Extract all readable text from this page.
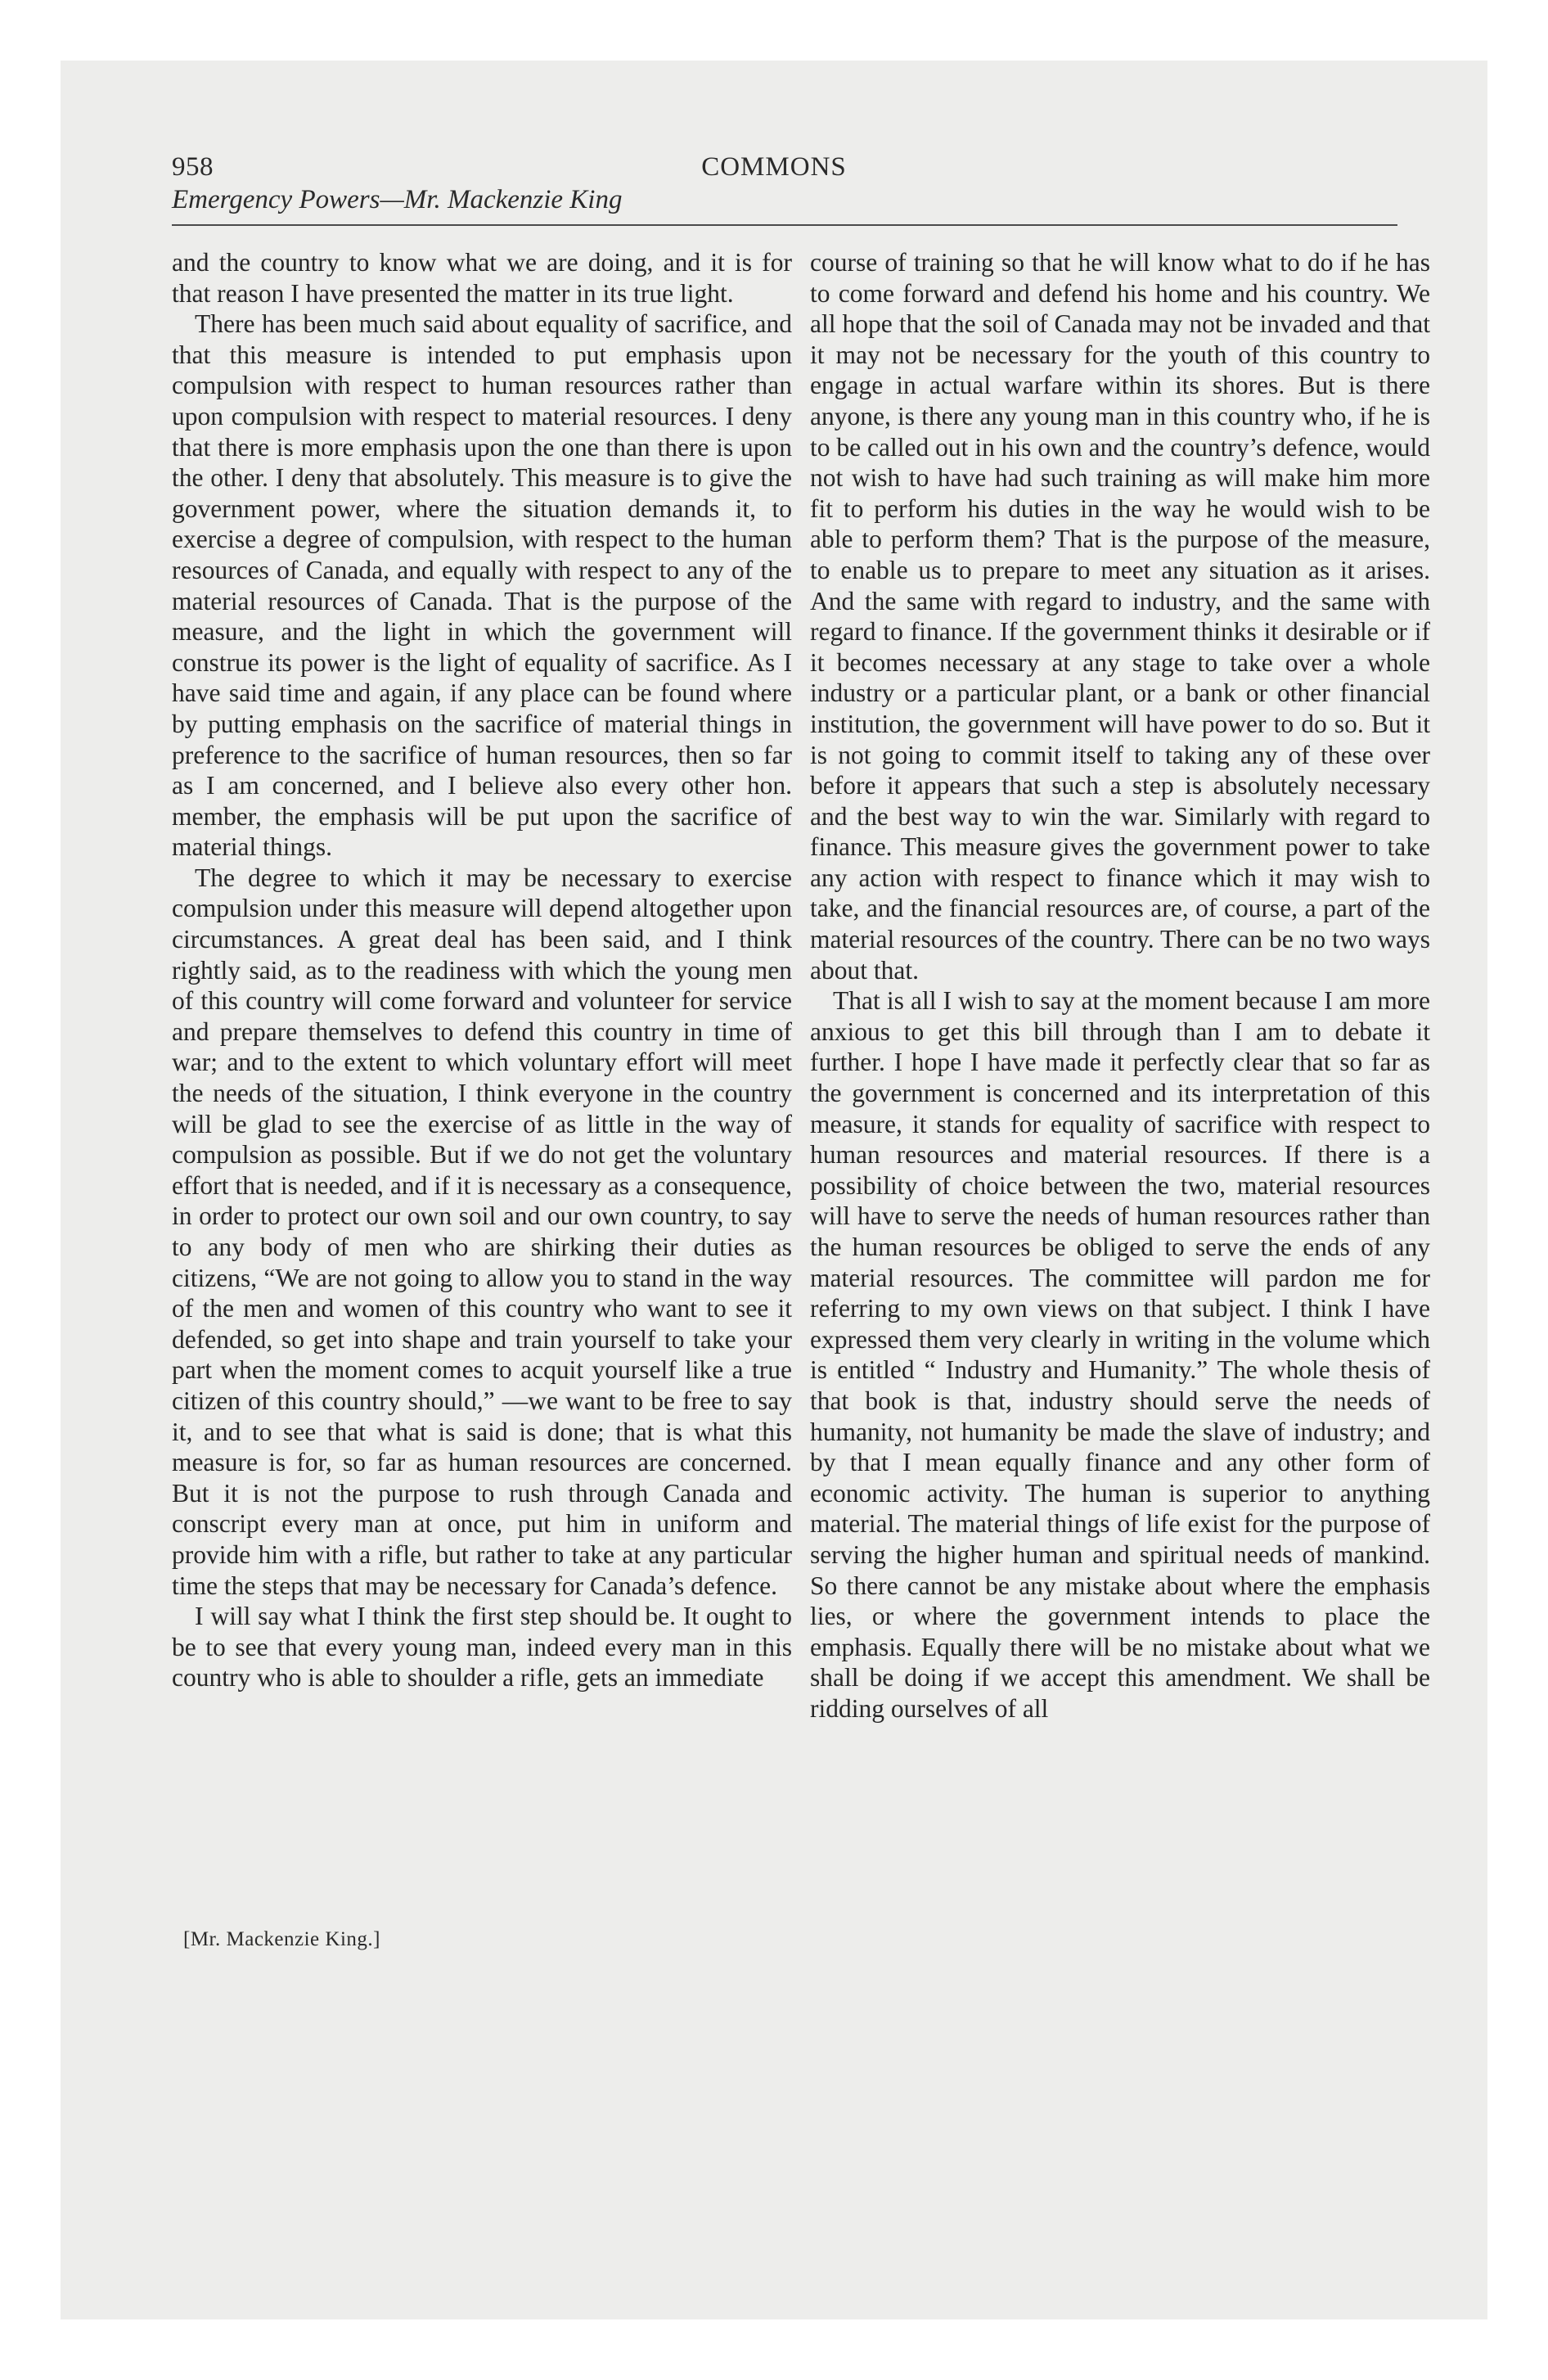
958	COMMONS
Emergency Powers—Mr. Mackenzie King

and the country to know what we are doing, and it is for that reason I have presented the matter in its true light.

There has been much said about equality of sacrifice, and that this measure is intended to put emphasis upon compulsion with respect to human resources rather than upon compulsion with respect to material resources. I deny that there is more emphasis upon the one than there is upon the other. I deny that absolutely. This measure is to give the government power, where the situation demands it, to exercise a degree of compulsion, with respect to the human resources of Canada, and equally with respect to any of the material resources of Canada. That is the purpose of the measure, and the light in which the government will construe its power is the light of equality of sacrifice. As I have said time and again, if any place can be found where by putting emphasis on the sacrifice of material things in preference to the sacrifice of human resources, then so far as I am concerned, and I believe also every other hon. member, the emphasis will be put upon the sacrifice of material things.

The degree to which it may be necessary to exercise compulsion under this measure will depend altogether upon circumstances. A great deal has been said, and I think rightly said, as to the readiness with which the young men of this country will come forward and volunteer for service and prepare themselves to defend this country in time of war; and to the extent to which voluntary effort will meet the needs of the situation, I think everyone in the country will be glad to see the exercise of as little in the way of compulsion as possible. But if we do not get the voluntary effort that is needed, and if it is necessary as a consequence, in order to protect our own soil and our own country, to say to any body of men who are shirking their duties as citizens, “We are not going to allow you to stand in the way of the men and women of this country who want to see it defended, so get into shape and train yourself to take your part when the moment comes to acquit yourself like a true citizen of this country should,” —we want to be free to say it, and to see that what is said is done; that is what this measure is for, so far as human resources are concerned. But it is not the purpose to rush through Canada and conscript every man at once, put him in uniform and provide him with a rifle, but rather to take at any particular time the steps that may be necessary for Canada’s defence.

I will say what I think the first step should be. It ought to be to see that every young man, indeed every man in this country who is able to shoulder a rifle, gets an immediate

course of training so that he will know what to do if he has to come forward and defend his home and his country. We all hope that the soil of Canada may not be invaded and that it may not be necessary for the youth of this country to engage in actual warfare within its shores. But is there anyone, is there any young man in this country who, if he is to be called out in his own and the country’s defence, would not wish to have had such training as will make him more fit to perform his duties in the way he would wish to be able to perform them? That is the purpose of the measure, to enable us to prepare to meet any situation as it arises. And the same with regard to industry, and the same with regard to finance. If the government thinks it desirable or if it becomes necessary at any stage to take over a whole industry or a particular plant, or a bank or other financial institution, the government will have power to do so. But it is not going to commit itself to taking any of these over before it appears that such a step is absolutely necessary and the best way to win the war. Similarly with regard to finance. This measure gives the government power to take any action with respect to finance which it may wish to take, and the financial resources are, of course, a part of the material resources of the country. There can be no two ways about that.

That is all I wish to say at the moment because I am more anxious to get this bill through than I am to debate it further. I hope I have made it perfectly clear that so far as the government is concerned and its interpretation of this measure, it stands for equality of sacrifice with respect to human resources and material resources. If there is a possibility of choice between the two, material resources will have to serve the needs of human resources rather than the human resources be obliged to serve the ends of any material resources. The committee will pardon me for referring to my own views on that subject. I think I have expressed them very clearly in writing in the volume which is entitled “ Industry and Humanity.” The whole thesis of that book is that, industry should serve the needs of humanity, not humanity be made the slave of industry; and by that I mean equally finance and any other form of economic activity. The human is superior to anything material. The material things of life exist for the purpose of serving the higher human and spiritual needs of mankind. So there cannot be any mistake about where the emphasis lies, or where the government intends to place the emphasis. Equally there will be no mistake about what we shall be doing if we accept this amendment. We shall be ridding ourselves of all

[Mr. Mackenzie King.]
